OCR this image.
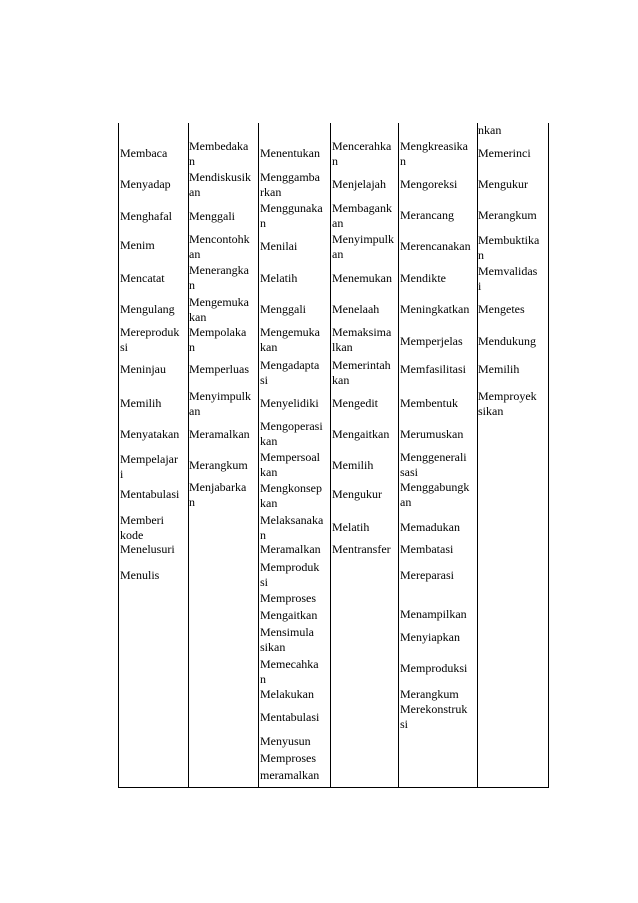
Membaca
Menyadap
Menghafal
Menim
Mencatat
Mengulang
Mereproduk
si
Meninjau
Memilih
Menyatakan
Mempelajar
i
Mentabulasi
Memberi
kode
Menelusuri
Menulis
Membedaka
n
Mendiskusik
an
Menggali
Mencontohk
an
Menerangka
n
Mengemuka
kan
Mempolaka
n
Memperluas
Menyimpulk
an
Meramalkan
Merangkum
Menjabarka
n
Menentukan
Menggamba
rkan
Menggunaka
n
Menilai
Melatih
Menggali
Mengemuka
kan
Mengadapta
si
Menyelidiki
Mengoperasi
kan
Mempersoal
kan
Mengkonsep
kan
Melaksanaka
n
Meramalkan
Memproduk
si
Memproses
Mengaitkan
Mensimula
sikan
Memecahka
n
Melakukan
Mentabulasi
Menyusun
Memproses
meramalkan
Mencerahka
n
Menjelajah
Membagank
an
Menyimpulk
an
Menemukan
Menelaah
Memaksima
lkan
Memerintah
kan
Mengedit
Mengaitkan
Memilih
Mengukur
Melatih
Mentransfer
Mengkreasika
n
Mengoreksi
Merancang
Merencanakan
Mendikte
Meningkatkan
Memperjelas
Memfasilitasi
Membentuk
Merumuskan
Menggenerali
sasi
Menggabungk
an
Memadukan
Membatasi
Mereparasi
Menampilkan
Menyiapkan
Memproduksi
Merangkum
Merekonstruk
si
nkan
Memerinci
Mengukur
Merangkum
Membuktika
n
Memvalidas
i
Mengetes
Mendukung
Memilih
Memproyek
sikan
